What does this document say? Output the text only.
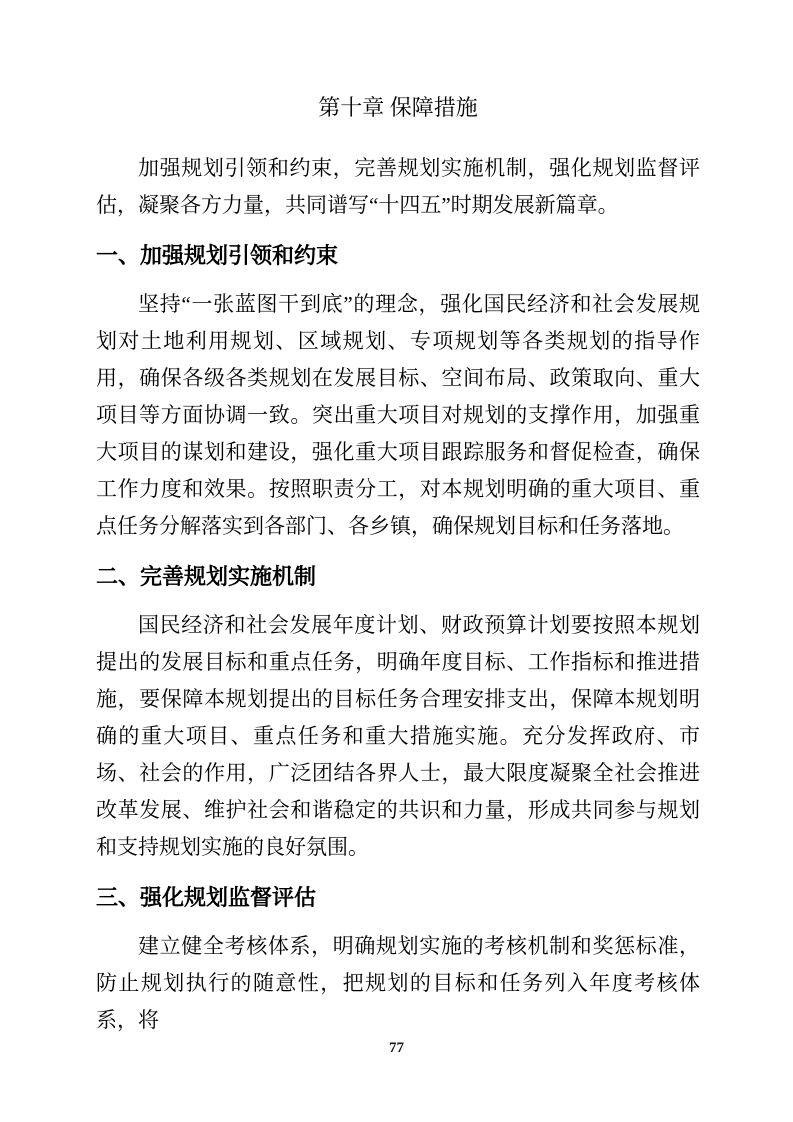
第十章 保障措施

加强规划引领和约束，完善规划实施机制，强化规划监督评估，凝聚各方力量，共同谱写“十四五”时期发展新篇章。

一、加强规划引领和约束

坚持“一张蓝图干到底”的理念，强化国民经济和社会发展规划对土地利用规划、区域规划、专项规划等各类规划的指导作用，确保各级各类规划在发展目标、空间布局、政策取向、重大项目等方面协调一致。突出重大项目对规划的支撑作用，加强重大项目的谋划和建设，强化重大项目跟踪服务和督促检查，确保工作力度和效果。按照职责分工，对本规划明确的重大项目、重点任务分解落实到各部门、各乡镇，确保规划目标和任务落地。

二、完善规划实施机制

国民经济和社会发展年度计划、财政预算计划要按照本规划提出的发展目标和重点任务，明确年度目标、工作指标和推进措施，要保障本规划提出的目标任务合理安排支出，保障本规划明确的重大项目、重点任务和重大措施实施。充分发挥政府、市场、社会的作用，广泛团结各界人士，最大限度凝聚全社会推进改革发展、维护社会和谐稳定的共识和力量，形成共同参与规划和支持规划实施的良好氛围。

三、强化规划监督评估

建立健全考核体系，明确规划实施的考核机制和奖惩标准，防止规划执行的随意性，把规划的目标和任务列入年度考核体系，将

77
